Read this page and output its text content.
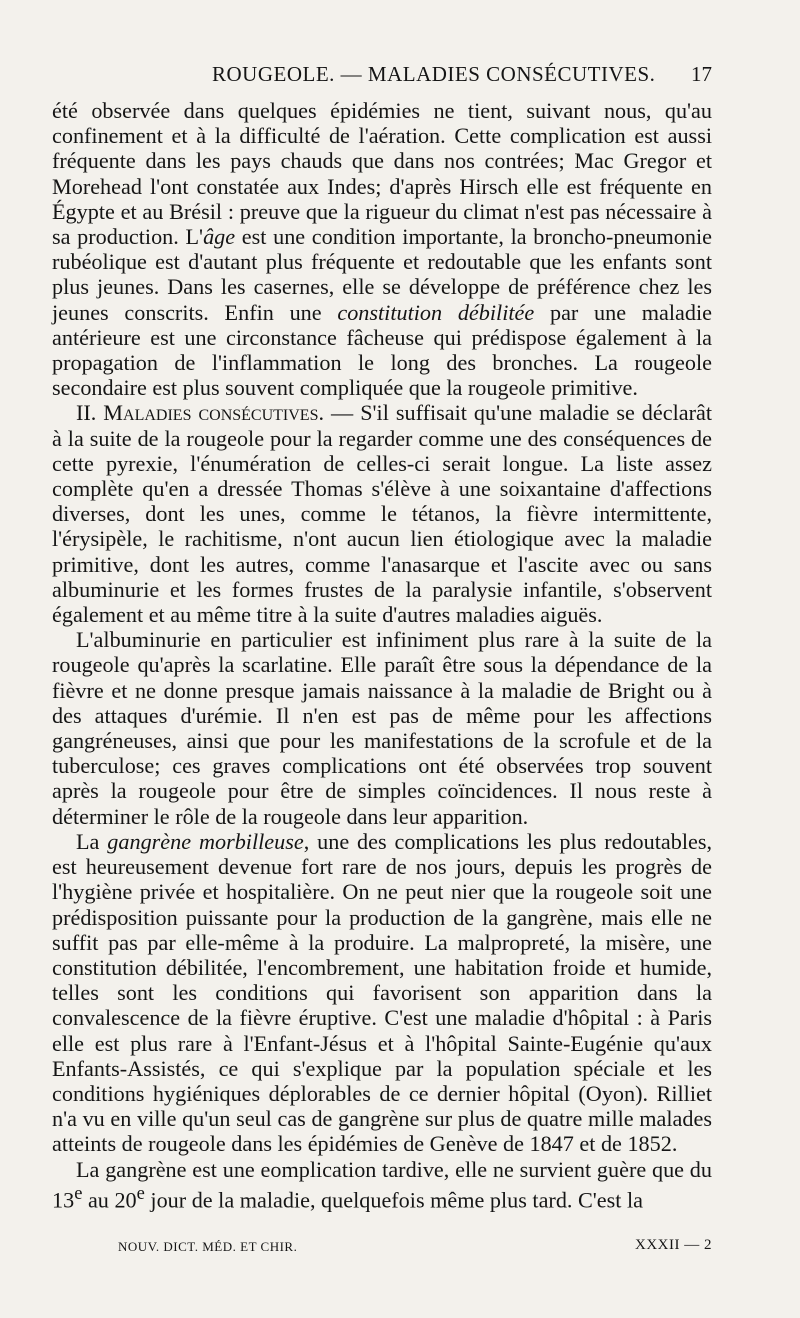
ROUGEOLE. — MALADIES CONSÉCUTIVES. 17

été observée dans quelques épidémies ne tient, suivant nous, qu'au confinement et à la difficulté de l'aération. Cette complication est aussi fréquente dans les pays chauds que dans nos contrées; Mac Gregor et Morehead l'ont constatée aux Indes; d'après Hirsch elle est fréquente en Égypte et au Brésil : preuve que la rigueur du climat n'est pas nécessaire à sa production. L'âge est une condition importante, la broncho-pneumonie rubéolique est d'autant plus fréquente et redoutable que les enfants sont plus jeunes. Dans les casernes, elle se développe de préférence chez les jeunes conscrits. Enfin une constitution débilitée par une maladie antérieure est une circonstance fâcheuse qui prédispose également à la propagation de l'inflammation le long des bronches. La rougeole secondaire est plus souvent compliquée que la rougeole primitive.

II. Maladies consécutives. — S'il suffisait qu'une maladie se déclarât à la suite de la rougeole pour la regarder comme une des conséquences de cette pyrexie, l'énumération de celles-ci serait longue. La liste assez complète qu'en a dressée Thomas s'élève à une soixantaine d'affections diverses, dont les unes, comme le tétanos, la fièvre intermittente, l'érysipèle, le rachitisme, n'ont aucun lien étiologique avec la maladie primitive, dont les autres, comme l'anasarque et l'ascite avec ou sans albuminurie et les formes frustes de la paralysie infantile, s'observent également et au même titre à la suite d'autres maladies aiguës.

L'albuminurie en particulier est infiniment plus rare à la suite de la rougeole qu'après la scarlatine. Elle paraît être sous la dépendance de la fièvre et ne donne presque jamais naissance à la maladie de Bright ou à des attaques d'urémie. Il n'en est pas de même pour les affections gangréneuses, ainsi que pour les manifestations de la scrofule et de la tuberculose; ces graves complications ont été observées trop souvent après la rougeole pour être de simples coïncidences. Il nous reste à déterminer le rôle de la rougeole dans leur apparition.

La gangrène morbilleuse, une des complications les plus redoutables, est heureusement devenue fort rare de nos jours, depuis les progrès de l'hygiène privée et hospitalière. On ne peut nier que la rougeole soit une prédisposition puissante pour la production de la gangrène, mais elle ne suffit pas par elle-même à la produire. La malpropreté, la misère, une constitution débilitée, l'encombrement, une habitation froide et humide, telles sont les conditions qui favorisent son apparition dans la convalescence de la fièvre éruptive. C'est une maladie d'hôpital : à Paris elle est plus rare à l'Enfant-Jésus et à l'hôpital Sainte-Eugénie qu'aux Enfants-Assistés, ce qui s'explique par la population spéciale et les conditions hygiéniques déplorables de ce dernier hôpital (Oyon). Rilliet n'a vu en ville qu'un seul cas de gangrène sur plus de quatre mille malades atteints de rougeole dans les épidémies de Genève de 1847 et de 1852.

La gangrène est une eomplication tardive, elle ne survient guère que du 13e au 20e jour de la maladie, quelquefois même plus tard. C'est la

NOUV. DICT. MÉD. ET CHIR.	XXXII — 2
